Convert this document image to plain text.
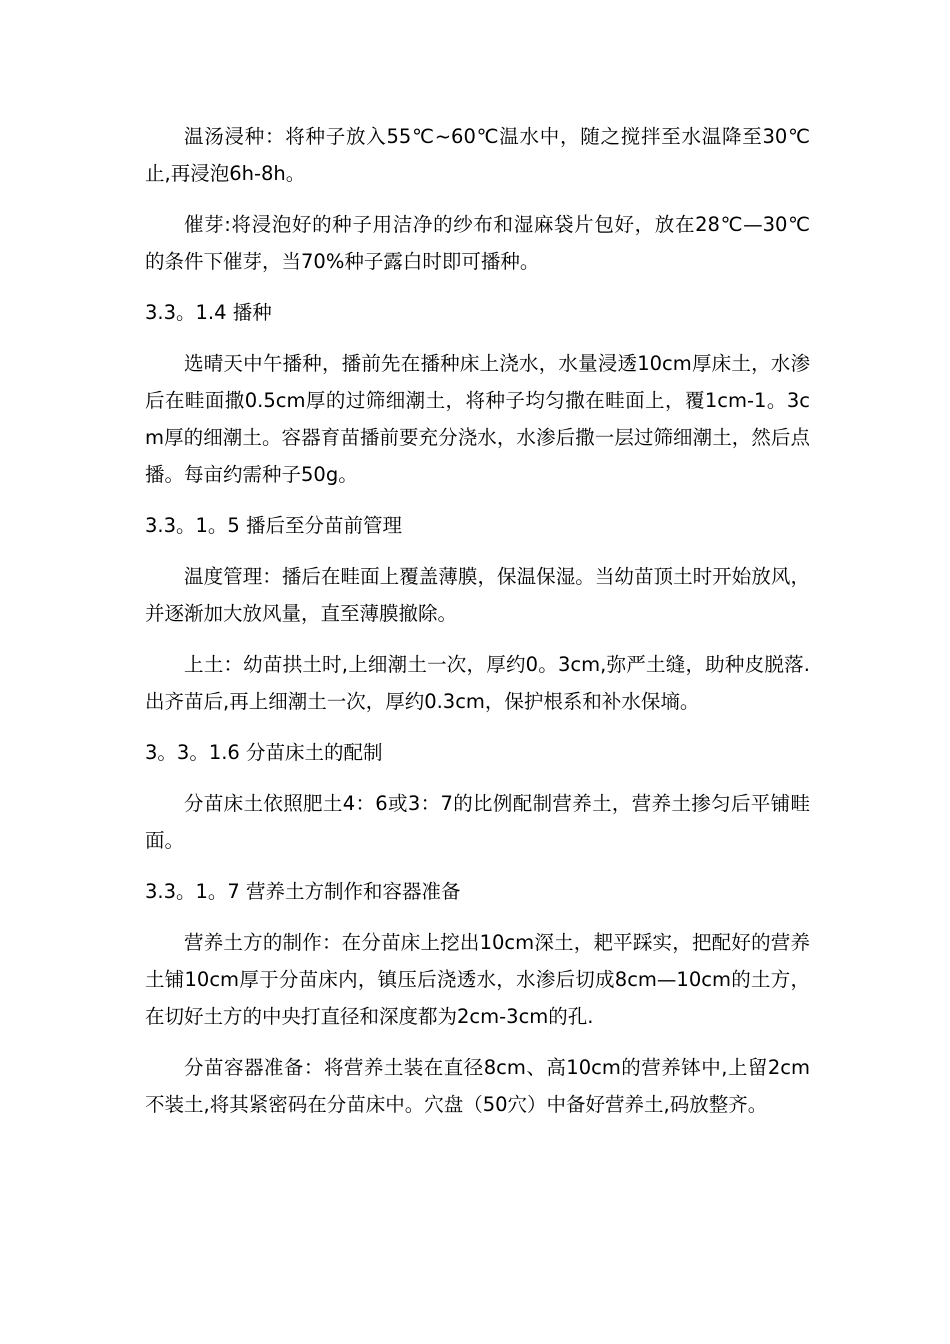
温汤浸种：将种子放入55℃~60℃温水中，随之搅拌至水温降至30℃止,再浸泡6h-8h。

催芽:将浸泡好的种子用洁净的纱布和湿麻袋片包好，放在28℃—30℃的条件下催芽，当70%种子露白时即可播种。

3.3。1.4 播种

选晴天中午播种，播前先在播种床上浇水，水量浸透10cm厚床土，水渗后在畦面撒0.5cm厚的过筛细潮土，将种子均匀撒在畦面上，覆1cm-1。3cm厚的细潮土。容器育苗播前要充分浇水，水渗后撒一层过筛细潮土，然后点播。每亩约需种子50g。

3.3。1。5 播后至分苗前管理

温度管理：播后在畦面上覆盖薄膜，保温保湿。当幼苗顶土时开始放风，并逐渐加大放风量，直至薄膜撤除。

上土：幼苗拱土时,上细潮土一次，厚约0。3cm,弥严土缝，助种皮脱落.出齐苗后,再上细潮土一次，厚约0.3cm，保护根系和补水保墒。

3。3。1.6 分苗床土的配制

分苗床土依照肥土4：6或3：7的比例配制营养土，营养土掺匀后平铺畦面。

3.3。1。7 营养土方制作和容器准备

营养土方的制作：在分苗床上挖出10cm深土，耙平踩实，把配好的营养土铺10cm厚于分苗床内，镇压后浇透水，水渗后切成8cm—10cm的土方，在切好土方的中央打直径和深度都为2cm-3cm的孔.

分苗容器准备：将营养土装在直径8cm、高10cm的营养钵中,上留2cm不装土,将其紧密码在分苗床中。穴盘（50穴）中备好营养土,码放整齐。
